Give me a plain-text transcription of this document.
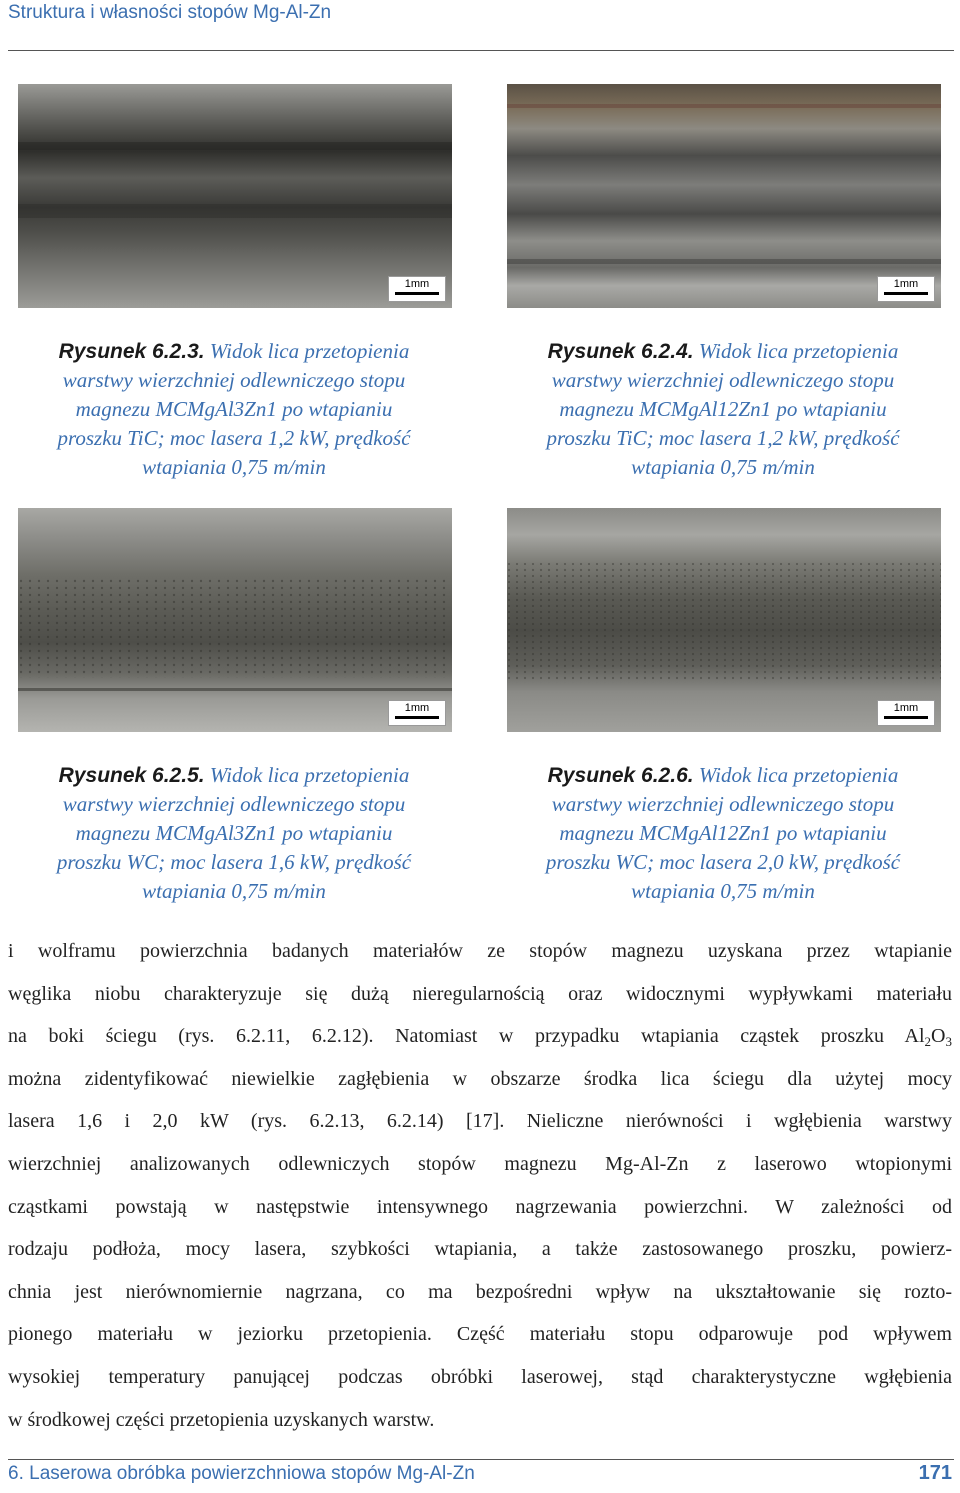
Struktura i własności stopów Mg-Al-Zn
1mm	1mm
Rysunek 6.2.3. Widok lica przetopienia
warstwy wierzchniej odlewniczego stopu
magnezu MCMgAl3Zn1 po wtapianiu
proszku TiC; moc lasera 1,2 kW, prędkość
wtapiania 0,75 m/min
Rysunek 6.2.4. Widok lica przetopienia
warstwy wierzchniej odlewniczego stopu
magnezu MCMgAl12Zn1 po wtapianiu
proszku TiC; moc lasera 1,2 kW, prędkość
wtapiania 0,75 m/min
1mm	1mm
Rysunek 6.2.5. Widok lica przetopienia
warstwy wierzchniej odlewniczego stopu
magnezu MCMgAl3Zn1 po wtapianiu
proszku WC; moc lasera 1,6 kW, prędkość
wtapiania 0,75 m/min
Rysunek 6.2.6. Widok lica przetopienia
warstwy wierzchniej odlewniczego stopu
magnezu MCMgAl12Zn1 po wtapianiu
proszku WC; moc lasera 2,0 kW, prędkość
wtapiania 0,75 m/min
i wolframu powierzchnia badanych materiałów ze stopów magnezu uzyskana przez wtapianie
węglika niobu charakteryzuje się dużą nieregularnością oraz widocznymi wypływkami materiału
na boki ściegu (rys. 6.2.11, 6.2.12). Natomiast w przypadku wtapiania cząstek proszku $Al_2O_3$
można zidentyfikować niewielkie zagłębienia w obszarze środka lica ściegu dla użytej mocy
lasera 1,6 i 2,0 kW (rys. 6.2.13, 6.2.14) [17]. Nieliczne nierówności i wgłębienia warstwy
wierzchniej analizowanych odlewniczych stopów magnezu Mg-Al-Zn z laserowo wtopionymi
cząstkami powstają w następstwie intensywnego nagrzewania powierzchni. W zależności od
rodzaju podłoża, mocy lasera, szybkości wtapiania, a także zastosowanego proszku, powierz-
chnia jest nierównomiernie nagrzana, co ma bezpośredni wpływ na ukształtowanie się rozto-
pionego materiału w jeziorku przetopienia. Część materiału stopu odparowuje pod wpływem
wysokiej temperatury panującej podczas obróbki laserowej, stąd charakterystyczne wgłębienia
w środkowej części przetopienia uzyskanych warstw.
6. Laserowa obróbka powierzchniowa stopów Mg-Al-Zn	171
